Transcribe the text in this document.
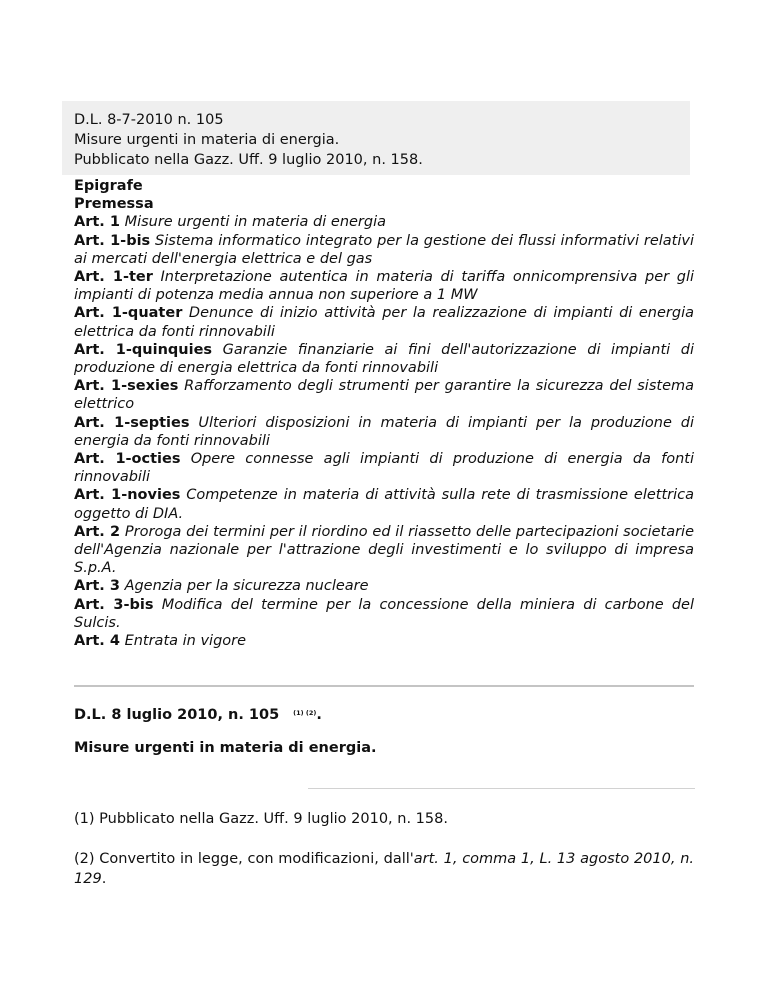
D.L. 8-7-2010 n. 105
Misure urgenti in materia di energia.
Pubblicato nella Gazz. Uff. 9 luglio 2010, n. 158.
Epigrafe
Premessa
Art. 1 Misure urgenti in materia di energia
Art. 1-bis Sistema informatico integrato per la gestione dei flussi informativi relativi ai mercati dell'energia elettrica e del gas
Art. 1-ter Interpretazione autentica in materia di tariffa onnicomprensiva per gli impianti di potenza media annua non superiore a 1 MW
Art. 1-quater Denunce di inizio attività per la realizzazione di impianti di energia elettrica da fonti rinnovabili
Art. 1-quinquies Garanzie finanziarie ai fini dell'autorizzazione di impianti di produzione di energia elettrica da fonti rinnovabili
Art. 1-sexies Rafforzamento degli strumenti per garantire la sicurezza del sistema elettrico
Art. 1-septies Ulteriori disposizioni in materia di impianti per la produzione di energia da fonti rinnovabili
Art. 1-octies Opere connesse agli impianti di produzione di energia da fonti rinnovabili
Art. 1-novies Competenze in materia di attività sulla rete di trasmissione elettrica oggetto di DIA.
Art. 2 Proroga dei termini per il riordino ed il riassetto delle partecipazioni societarie dell'Agenzia nazionale per l'attrazione degli investimenti e lo sviluppo di impresa S.p.A.
Art. 3 Agenzia per la sicurezza nucleare
Art. 3-bis Modifica del termine per la concessione della miniera di carbone del Sulcis.
Art. 4 Entrata in vigore
D.L. 8 luglio 2010, n. 105 $^{(1) (2)}$.
Misure urgenti in materia di energia.
(1) Pubblicato nella Gazz. Uff. 9 luglio 2010, n. 158.
(2) Convertito in legge, con modificazioni, dall'art. 1, comma 1, L. 13 agosto 2010, n. 129.
